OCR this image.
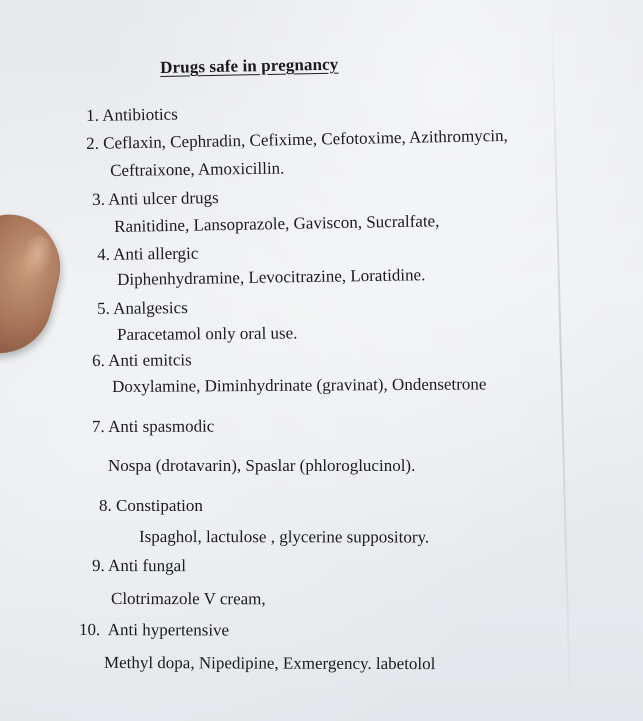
Drugs safe in pregnancy
1. Antibiotics
2. Ceflaxin, Cephradin, Cefixime, Cefotoxime, Azithromycin,
Ceftraixone, Amoxicillin.
3. Anti ulcer drugs
Ranitidine, Lansoprazole, Gaviscon, Sucralfate,
4. Anti allergic
Diphenhydramine, Levocitrazine, Loratidine.
5. Analgesics
Paracetamol only oral use.
6. Anti emitcis
Doxylamine, Diminhydrinate (gravinat), Ondensetrone
7. Anti spasmodic
Nospa (drotavarin), Spaslar (phloroglucinol).
8. Constipation
Ispaghol, lactulose , glycerine suppository.
9. Anti fungal
Clotrimazole V cream,
10.  Anti hypertensive
Methyl dopa, Nipedipine, Exmergency. labetolol
